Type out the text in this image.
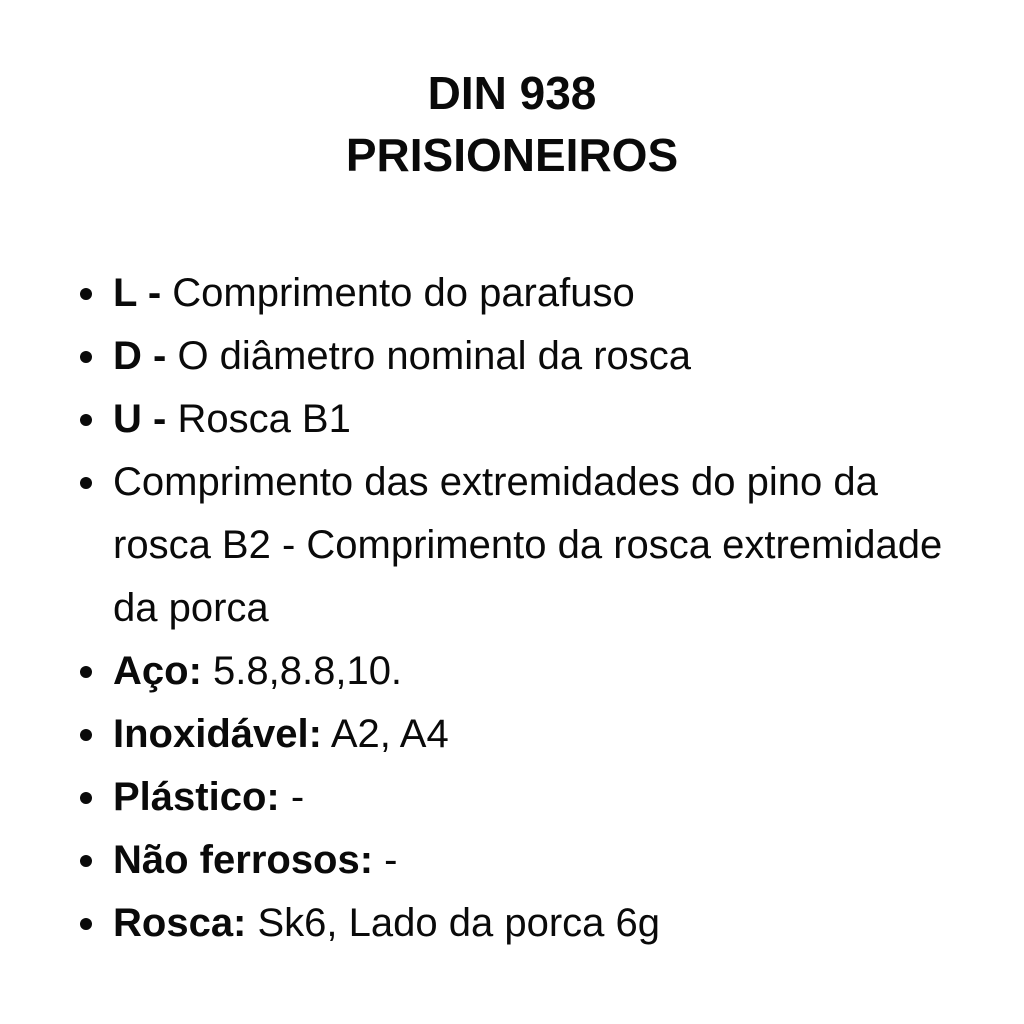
DIN 938

PRISIONEIROS

L - Comprimento do parafuso
D - O diâmetro nominal da rosca
U - Rosca B1
Comprimento das extremidades do pino da rosca B2 - Comprimento da rosca extremidade da porca
Aço: 5.8,8.8,10.
Inoxidável: A2, A4
Plástico: -
Não ferrosos: -
Rosca: Sk6, Lado da porca 6g
